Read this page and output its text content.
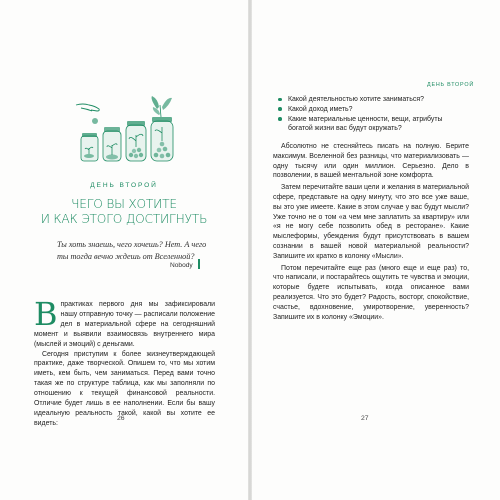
ДЕНЬ ВТОРОЙ
ЧЕГО ВЫ ХОТИТЕ
И КАК ЭТОГО ДОСТИГНУТЬ
Ты хоть знаешь, чего хочешь? Нет. А чего ты тогда вечно ждешь от Вселенной?
Nobody

Впрактиках первого дня мы зафиксировали нашу отправную точку — расписали положение дел в материальной сфере на сегодняшний момент и выявили взаимосвязь внутреннего мира (мыслей и эмоций) с деньгами.

Сегодня приступим к более жизнеутверждающей практике, даже творческой. Опишем то, что мы хотим иметь, кем быть, чем заниматься. Перед вами точно такая же по структуре таблица, как мы заполняли по отношению к текущей финансовой реальности. Отличие будет лишь в ее наполнении. Если бы вашу идеальную реальность такой, какой вы хотите ее видеть:

26
ДЕНЬ ВТОРОЙ
27
Какой деятельностью хотите заниматься?
Какой доход иметь?
Какие материальные ценности, вещи, атрибуты богатой жизни вас будут окружать?

Абсолютно не стесняйтесь писать на полную. Берите максимум. Вселенной без разницы, что материализовать — одну тысячу или один миллион. Серьезно. Дело в позволении, в вашей ментальной зоне комфорта.

Затем перечитайте ваши цели и желания в материальной сфере, представьте на одну минуту, что это все уже ваше, вы это уже имеете. Какие в этом случае у вас будут мысли? Уже точно не о том «а чем мне заплатить за квартиру» или «я не могу себе позволить обед в ресторане». Какие мыслеформы, убеждения будут присутствовать в вашем сознании в вашей новой материальной реальности? Запишите их кратко в колонку «Мысли».

Потом перечитайте еще раз (много еще и еще раз) то, что написали, и постарайтесь ощутить те чувства и эмоции, которые будете испытывать, когда описанное вами реализуется. Что это будет? Радость, восторг, спокойствие, счастье, вдохновение, умиротворение, уверенность? Запишите их в колонку «Эмоции».
